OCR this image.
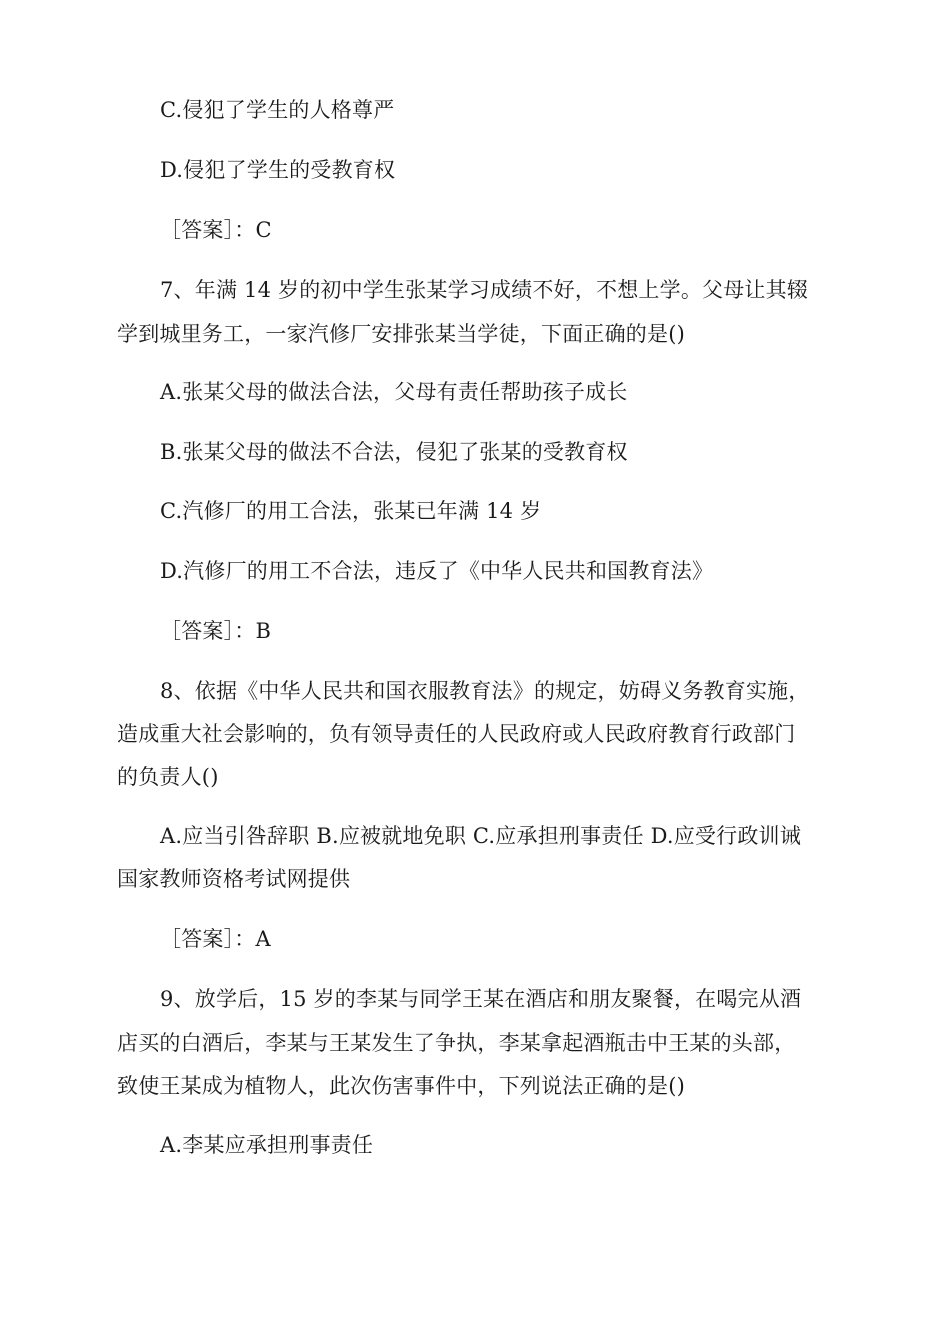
C.侵犯了学生的人格尊严
D.侵犯了学生的受教育权
［答案］：C
7、年满 14 岁的初中学生张某学习成绩不好，不想上学。父母让其辍
学到城里务工，一家汽修厂安排张某当学徒，下面正确的是()
A.张某父母的做法合法，父母有责任帮助孩子成长
B.张某父母的做法不合法，侵犯了张某的受教育权
C.汽修厂的用工合法，张某已年满 14 岁
D.汽修厂的用工不合法，违反了《中华人民共和国教育法》
［答案］：B
8、依据《中华人民共和国衣服教育法》的规定，妨碍义务教育实施，
造成重大社会影响的，负有领导责任的人民政府或人民政府教育行政部门
的负责人()
A.应当引咎辞职 B.应被就地免职 C.应承担刑事责任 D.应受行政训诫
国家教师资格考试网提供
［答案］：A
9、放学后，15 岁的李某与同学王某在酒店和朋友聚餐，在喝完从酒
店买的白酒后，李某与王某发生了争执，李某拿起酒瓶击中王某的头部，
致使王某成为植物人，此次伤害事件中，下列说法正确的是()
A.李某应承担刑事责任
